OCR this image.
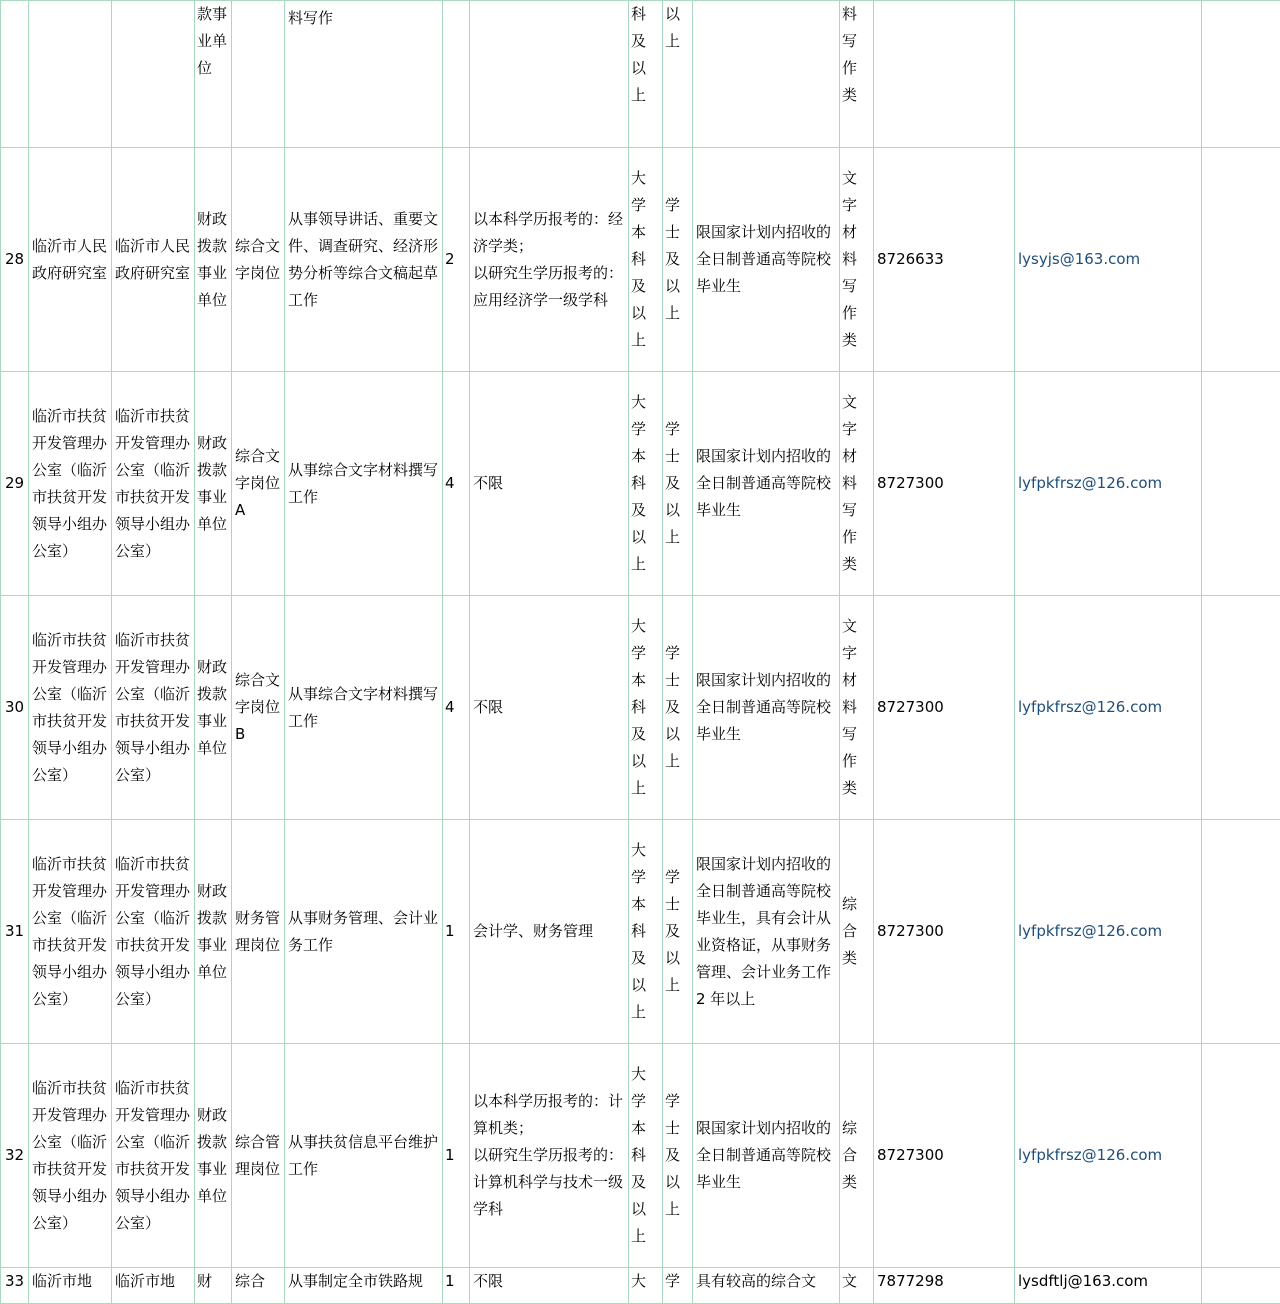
			款事业单位		料写作			科及以上	以上		料写作类			
28	临沂市人民政府研究室	临沂市人民政府研究室	财政拨款事业单位	综合文字岗位	从事领导讲话、重要文件、调查研究、经济形势分析等综合文稿起草工作	2	以本科学历报考的：经济学类；
以研究生学历报考的：应用经济学一级学科	大学本科及以上	学士及以上	限国家计划内招收的全日制普通高等院校毕业生	文字材料写作类	8726633	lysyjs@163.com	
29	临沂市扶贫开发管理办公室（临沂市扶贫开发领导小组办公室）	临沂市扶贫开发管理办公室（临沂市扶贫开发领导小组办公室）	财政拨款事业单位	综合文字岗位A	从事综合文字材料撰写工作	4	不限	大学本科及以上	学士及以上	限国家计划内招收的全日制普通高等院校毕业生	文字材料写作类	8727300	lyfpkfrsz@126.com	
30	临沂市扶贫开发管理办公室（临沂市扶贫开发领导小组办公室）	临沂市扶贫开发管理办公室（临沂市扶贫开发领导小组办公室）	财政拨款事业单位	综合文字岗位B	从事综合文字材料撰写工作	4	不限	大学本科及以上	学士及以上	限国家计划内招收的全日制普通高等院校毕业生	文字材料写作类	8727300	lyfpkfrsz@126.com	
31	临沂市扶贫开发管理办公室（临沂市扶贫开发领导小组办公室）	临沂市扶贫开发管理办公室（临沂市扶贫开发领导小组办公室）	财政拨款事业单位	财务管理岗位	从事财务管理、会计业务工作	1	会计学、财务管理	大学本科及以上	学士及以上	限国家计划内招收的全日制普通高等院校毕业生，具有会计从业资格证，从事财务管理、会计业务工作 2 年以上	综合类	8727300	lyfpkfrsz@126.com	
32	临沂市扶贫开发管理办公室（临沂市扶贫开发领导小组办公室）	临沂市扶贫开发管理办公室（临沂市扶贫开发领导小组办公室）	财政拨款事业单位	综合管理岗位	从事扶贫信息平台维护工作	1	以本科学历报考的：计算机类；
以研究生学历报考的：计算机科学与技术一级学科	大学本科及以上	学士及以上	限国家计划内招收的全日制普通高等院校毕业生	综合类	8727300	lyfpkfrsz@126.com	
33	临沂市地	临沂市地	财	综合	从事制定全市铁路规	1	不限	大	学	具有较高的综合文	文	7877298	lysdftlj@163.com	
